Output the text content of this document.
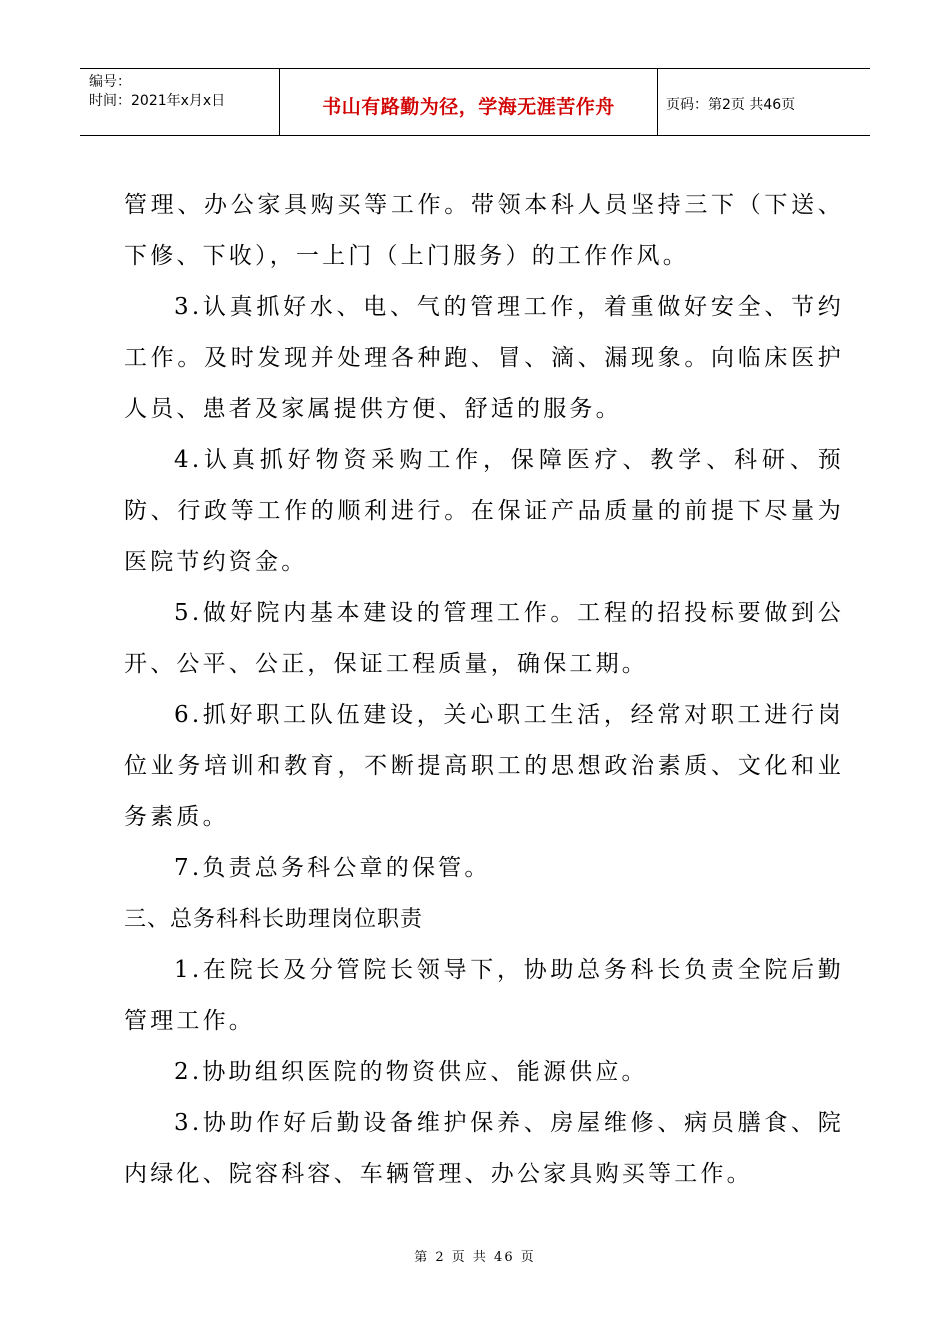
编号：
时间：2021年x月x日	书山有路勤为径，学海无涯苦作舟	页码：第2页 共46页

管理、办公家具购买等工作。带领本科人员坚持三下（下送、下修、下收），一上门（上门服务）的工作作风。

3.认真抓好水、电、气的管理工作，着重做好安全、节约工作。及时发现并处理各种跑、冒、滴、漏现象。向临床医护人员、患者及家属提供方便、舒适的服务。

4.认真抓好物资采购工作，保障医疗、教学、科研、预防、行政等工作的顺利进行。在保证产品质量的前提下尽量为医院节约资金。

5.做好院内基本建设的管理工作。工程的招投标要做到公开、公平、公正，保证工程质量，确保工期。

6.抓好职工队伍建设，关心职工生活，经常对职工进行岗位业务培训和教育，不断提高职工的思想政治素质、文化和业务素质。

7.负责总务科公章的保管。

三、总务科科长助理岗位职责

1.在院长及分管院长领导下，协助总务科长负责全院后勤管理工作。

2.协助组织医院的物资供应、能源供应。

3.协助作好后勤设备维护保养、房屋维修、病员膳食、院内绿化、院容科容、车辆管理、办公家具购买等工作。

第 2 页 共 46 页
